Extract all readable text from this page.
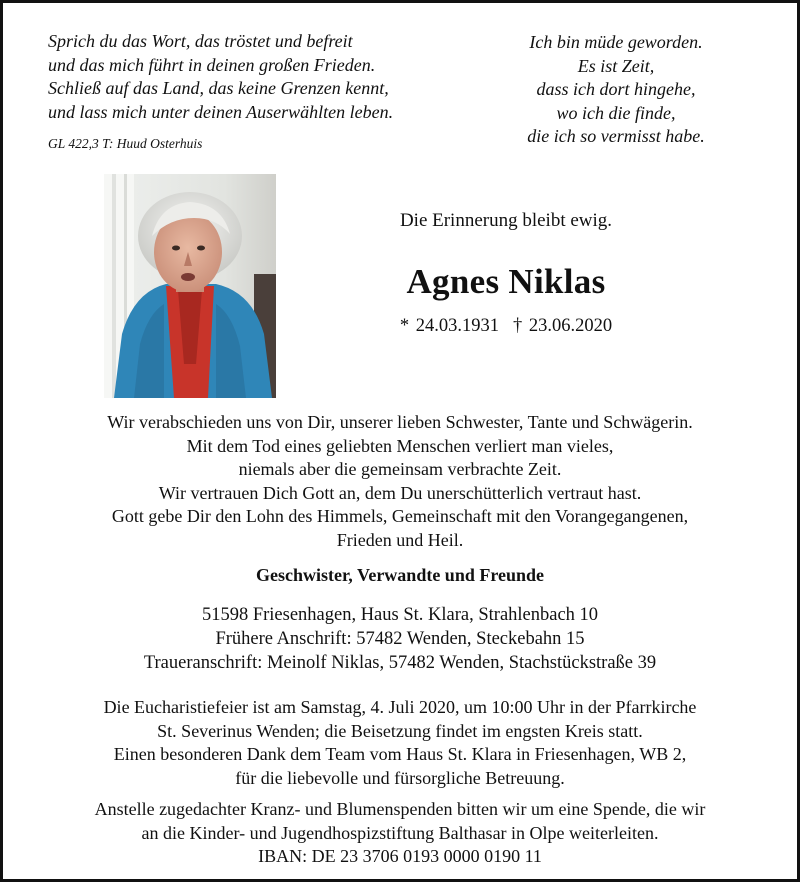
Sprich du das Wort, das tröstet und befreit
und das mich führt in deinen großen Frieden.
Schließ auf das Land, das keine Grenzen kennt,
und lass mich unter deinen Auserwählten leben.
GL 422,3 T: Huud Osterhuis
Ich bin müde geworden.
Es ist Zeit,
dass ich dort hingehe,
wo ich die finde,
die ich so vermisst habe.
Die Erinnerung bleibt ewig.
Agnes Niklas
* 24.03.1931 † 23.06.2020
Wir verabschieden uns von Dir, unserer lieben Schwester, Tante und Schwägerin.
Mit dem Tod eines geliebten Menschen verliert man vieles,
niemals aber die gemeinsam verbrachte Zeit.
Wir vertrauen Dich Gott an, dem Du unerschütterlich vertraut hast.
Gott gebe Dir den Lohn des Himmels, Gemeinschaft mit den Vorangegangenen,
Frieden und Heil.
Geschwister, Verwandte und Freunde
51598 Friesenhagen, Haus St. Klara, Strahlenbach 10
Frühere Anschrift: 57482 Wenden, Steckebahn 15
Traueranschrift: Meinolf Niklas, 57482 Wenden, Stachstückstraße 39
Die Eucharistiefeier ist am Samstag, 4. Juli 2020, um 10:00 Uhr in der Pfarrkirche
St. Severinus Wenden; die Beisetzung findet im engsten Kreis statt.
Einen besonderen Dank dem Team vom Haus St. Klara in Friesenhagen, WB 2,
für die liebevolle und fürsorgliche Betreuung.
Anstelle zugedachter Kranz- und Blumenspenden bitten wir um eine Spende, die wir
an die Kinder- und Jugendhospizstiftung Balthasar in Olpe weiterleiten.
IBAN: DE 23 3706 0193 0000 0190 11
